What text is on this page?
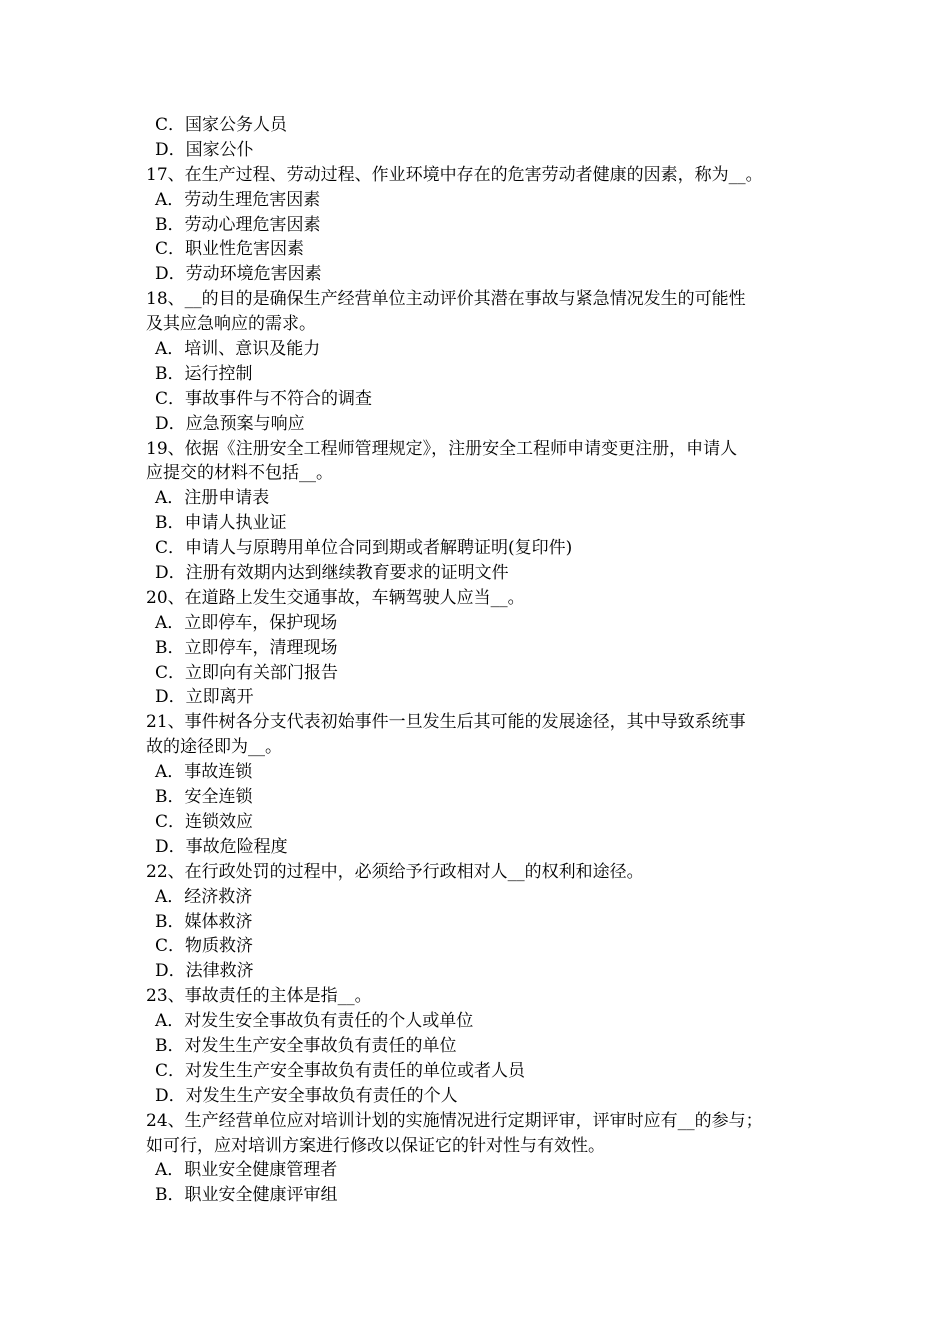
C．国家公务人员
D．国家公仆
17、在生产过程、劳动过程、作业环境中存在的危害劳动者健康的因素，称为__。
A．劳动生理危害因素
B．劳动心理危害因素
C．职业性危害因素
D．劳动环境危害因素
18、__的目的是确保生产经营单位主动评价其潜在事故与紧急情况发生的可能性
及其应急响应的需求。
A．培训、意识及能力
B．运行控制
C．事故事件与不符合的调查
D．应急预案与响应
19、依据《注册安全工程师管理规定》，注册安全工程师申请变更注册，申请人
应提交的材料不包括__。
A．注册申请表
B．申请人执业证
C．申请人与原聘用单位合同到期或者解聘证明(复印件)
D．注册有效期内达到继续教育要求的证明文件
20、在道路上发生交通事故，车辆驾驶人应当__。
A．立即停车，保护现场
B．立即停车，清理现场
C．立即向有关部门报告
D．立即离开
21、事件树各分支代表初始事件一旦发生后其可能的发展途径，其中导致系统事
故的途径即为__。
A．事故连锁
B．安全连锁
C．连锁效应
D．事故危险程度
22、在行政处罚的过程中，必须给予行政相对人__的权利和途径。
A．经济救济
B．媒体救济
C．物质救济
D．法律救济
23、事故责任的主体是指__。
A．对发生安全事故负有责任的个人或单位
B．对发生生产安全事故负有责任的单位
C．对发生生产安全事故负有责任的单位或者人员
D．对发生生产安全事故负有责任的个人
24、生产经营单位应对培训计划的实施情况进行定期评审，评审时应有__的参与；
如可行，应对培训方案进行修改以保证它的针对性与有效性。
A．职业安全健康管理者
B．职业安全健康评审组
